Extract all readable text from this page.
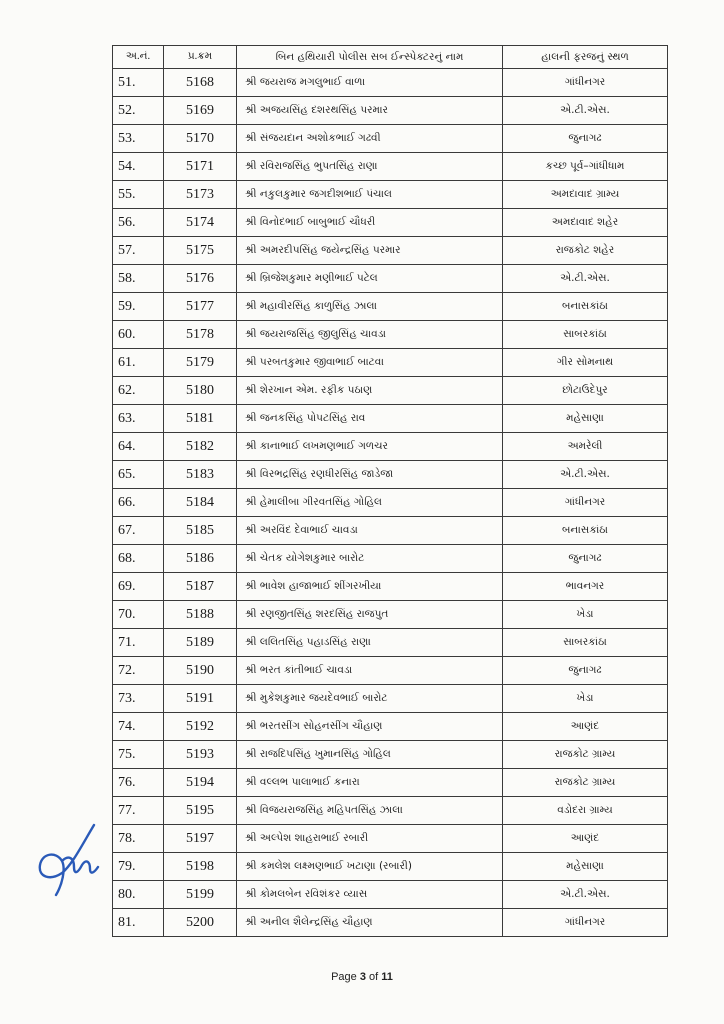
અ.નં.	પ્ર.ક્રમ	બિન હથિયારી પોલીસ સબ ઈન્સ્પેક્ટરનું નામ	હાલની ફરજનું સ્થળ
51.	5168	શ્રી જયરાજ મગલુભાઈ વાળા	ગાંધીનગર
52.	5169	શ્રી અજયસિંહ દશરથસિંહ પરમાર	એ.ટી.એસ.
53.	5170	શ્રી સંજયદાન અશોકભાઈ ગઢવી	જુનાગઢ
54.	5171	શ્રી રવિરાજસિંહ ભુપતસિંહ રાણા	કચ્છ પૂર્વ–ગાંધીધામ
55.	5173	શ્રી નકુલકુમાર જગદીશભાઈ પંચાલ	અમદાવાદ ગ્રામ્ય
56.	5174	શ્રી વિનોદભાઈ બાબુભાઈ ચૌધરી	અમદાવાદ શહેર
57.	5175	શ્રી અમરદીપસિંહ જયેન્દ્રસિંહ પરમાર	રાજકોટ શહેર
58.	5176	શ્રી બ્રિજેશકુમાર મણીભાઈ પટેલ	એ.ટી.એસ.
59.	5177	શ્રી મહાવીરસિંહ કાળુસિંહ ઝાલા	બનાસકાંઠા
60.	5178	શ્રી જયરાજસિંહ જીલુસિંહ ચાવડા	સાબરકાંઠા
61.	5179	શ્રી પરબતકુમાર જીવાભાઈ બાટવા	ગીર સોમનાથ
62.	5180	શ્રી શેરખાન એમ. રફીક પઠાણ	છોટાઉદેપુર
63.	5181	શ્રી જનકસિંહ પોપટસિંહ રાવ	મહેસાણા
64.	5182	શ્રી કાનાભાઈ લખમણભાઈ ગળચર	અમરેલી
65.	5183	શ્રી વિરભદ્રસિંહ રણધીરસિંહ જાડેજા	એ.ટી.એસ.
66.	5184	શ્રી હેમાલીબા ગીરવતસિંહ ગોહિલ	ગાંધીનગર
67.	5185	શ્રી અરવિંદ દેવાભાઈ ચાવડા	બનાસકાંઠા
68.	5186	શ્રી ચેતક યોગેશકુમાર બારોટ	જુનાગઢ
69.	5187	શ્રી ભાવેશ હાજાભાઈ શીંગરખીયા	ભાવનગર
70.	5188	શ્રી રણજીતસિંહ શરદસિંહ રાજપુત	ખેડા
71.	5189	શ્રી લલિતસિંહ પહાડસિંહ રાણા	સાબરકાંઠા
72.	5190	શ્રી ભરત કાંતીભાઈ ચાવડા	જુનાગઢ
73.	5191	શ્રી મુકેશકુમાર જયદેવભાઈ બારોટ	ખેડા
74.	5192	શ્રી ભરતસીંગ સોહનસીંગ ચૌહાણ	આણંદ
75.	5193	શ્રી રાજદિપસિંહ ખુમાનસિંહ ગોહિલ	રાજકોટ ગ્રામ્ય
76.	5194	શ્રી વલ્લભ પાલાભાઈ કનારા	રાજકોટ ગ્રામ્ય
77.	5195	શ્રી વિજયરાજસિંહ મહિપતસિંહ ઝાલા	વડોદરા ગ્રામ્ય
78.	5197	શ્રી અલ્પેશ શાહરાભાઈ રબારી	આણંદ
79.	5198	શ્રી કમલેશ લક્ષ્મણભાઈ ખટાણા (રબારી)	મહેસાણા
80.	5199	શ્રી કોમલબેન રવિશંકર વ્યાસ	એ.ટી.એસ.
81.	5200	શ્રી અનીલ શૈલેન્દ્રસિંહ ચૌહાણ	ગાંધીનગર
Page 3 of 11
